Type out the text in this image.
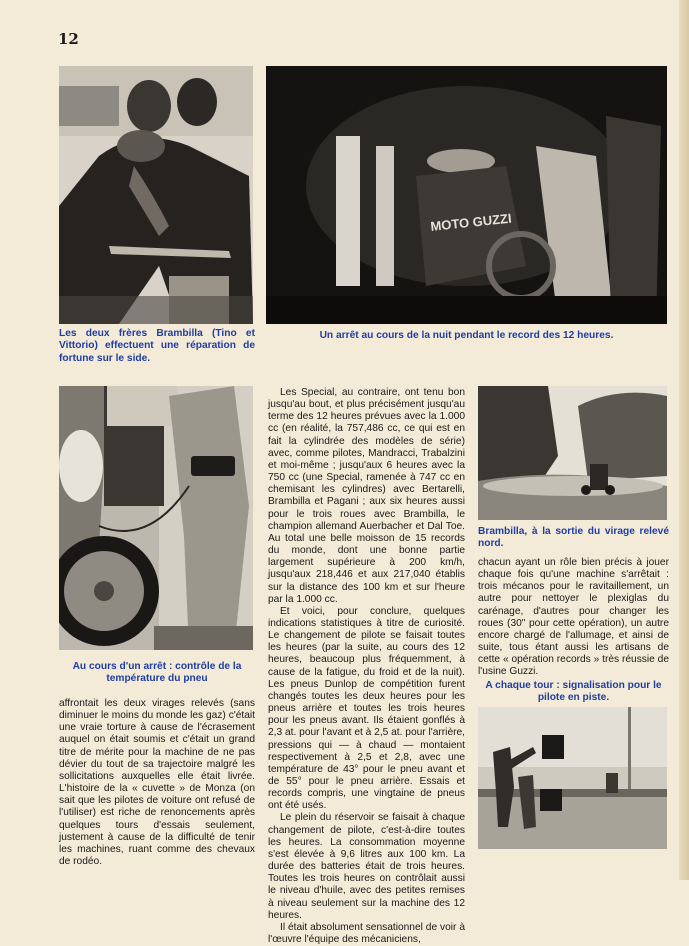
12
MOTO GUZZI
Les deux frères Brambilla (Tino et Vittorio) effectuent une réparation de fortune sur le side.
Un arrêt au cours de la nuit pendant le record des 12 heures.
Au cours d'un arrêt : contrôle de la température du pneu
Brambilla, à la sortie du virage relevé nord.
A chaque tour : signalisation pour le pilote en piste.

affrontait les deux virages relevés (sans diminuer le moins du monde les gaz) c'était une vraie torture à cause de l'écrasement auquel on était soumis et c'était un grand titre de mérite pour la machine de ne pas dévier du tout de sa trajectoire malgré les sollicitations auxquelles elle était livrée. L'histoire de la « cuvette » de Monza (on sait que les pilotes de voiture ont refusé de l'utiliser) est riche de renoncements après quelques tours d'essais seulement, justement à cause de la difficulté de tenir les machines, ruant comme des chevaux de rodéo.

Les Special, au contraire, ont tenu bon jusqu'au bout, et plus précisément jusqu'au terme des 12 heures prévues avec la 1.000 cc (en réalité, la 757,486 cc, ce qui est en fait la cylindrée des modèles de série) avec, comme pilotes, Mandracci, Trabalzini et moi-même ; jusqu'aux 6 heures avec la 750 cc (une Special, ramenée à 747 cc en chemisant les cylindres) avec Bertarelli, Brambilla et Pagani ; aux six heures aussi pour le trois roues avec Brambilla, le champion allemand Auerbacher et Dal Toe. Au total une belle moisson de 15 records du monde, dont une bonne partie largement supérieure à 200 km/h, jusqu'aux 218,446 et aux 217,040 établis sur la distance des 100 km et sur l'heure par la 1.000 cc.

Et voici, pour conclure, quelques indications statistiques à titre de curiosité. Le changement de pilote se faisait toutes les heures (par la suite, au cours des 12 heures, beaucoup plus fréquemment, à cause de la fatigue, du froid et de la nuit). Les pneus Dunlop de compétition furent changés toutes les deux heures pour les pneus arrière et toutes les trois heures pour les pneus avant. Ils étaient gonflés à 2,3 at. pour l'avant et à 2,5 at. pour l'arrière, pressions qui — à chaud — montaient respectivement à 2,5 et 2,8, avec une température de 43° pour le pneu avant et de 55° pour le pneu arrière. Essais et records compris, une vingtaine de pneus ont été usés.

Le plein du réservoir se faisait à chaque changement de pilote, c'est-à-dire toutes les heures. La consommation moyenne s'est élevée à 9,6 litres aux 100 km. La durée des batteries était de trois heures. Toutes les trois heures on contrôlait aussi le niveau d'huile, avec des petites remises à niveau seulement sur la machine des 12 heures.

Il était absolument sensationnel de voir à l'œuvre l'équipe des mécaniciens,

chacun ayant un rôle bien précis à jouer chaque fois qu'une machine s'arrêtait : trois mécanos pour le ravitaillement, un autre pour nettoyer le plexiglas du carénage, d'autres pour changer les roues (30" pour cette opération), un autre encore chargé de l'allumage, et ainsi de suite, tous étant aussi les artisans de cette « opération records » très réussie de l'usine Guzzi.
